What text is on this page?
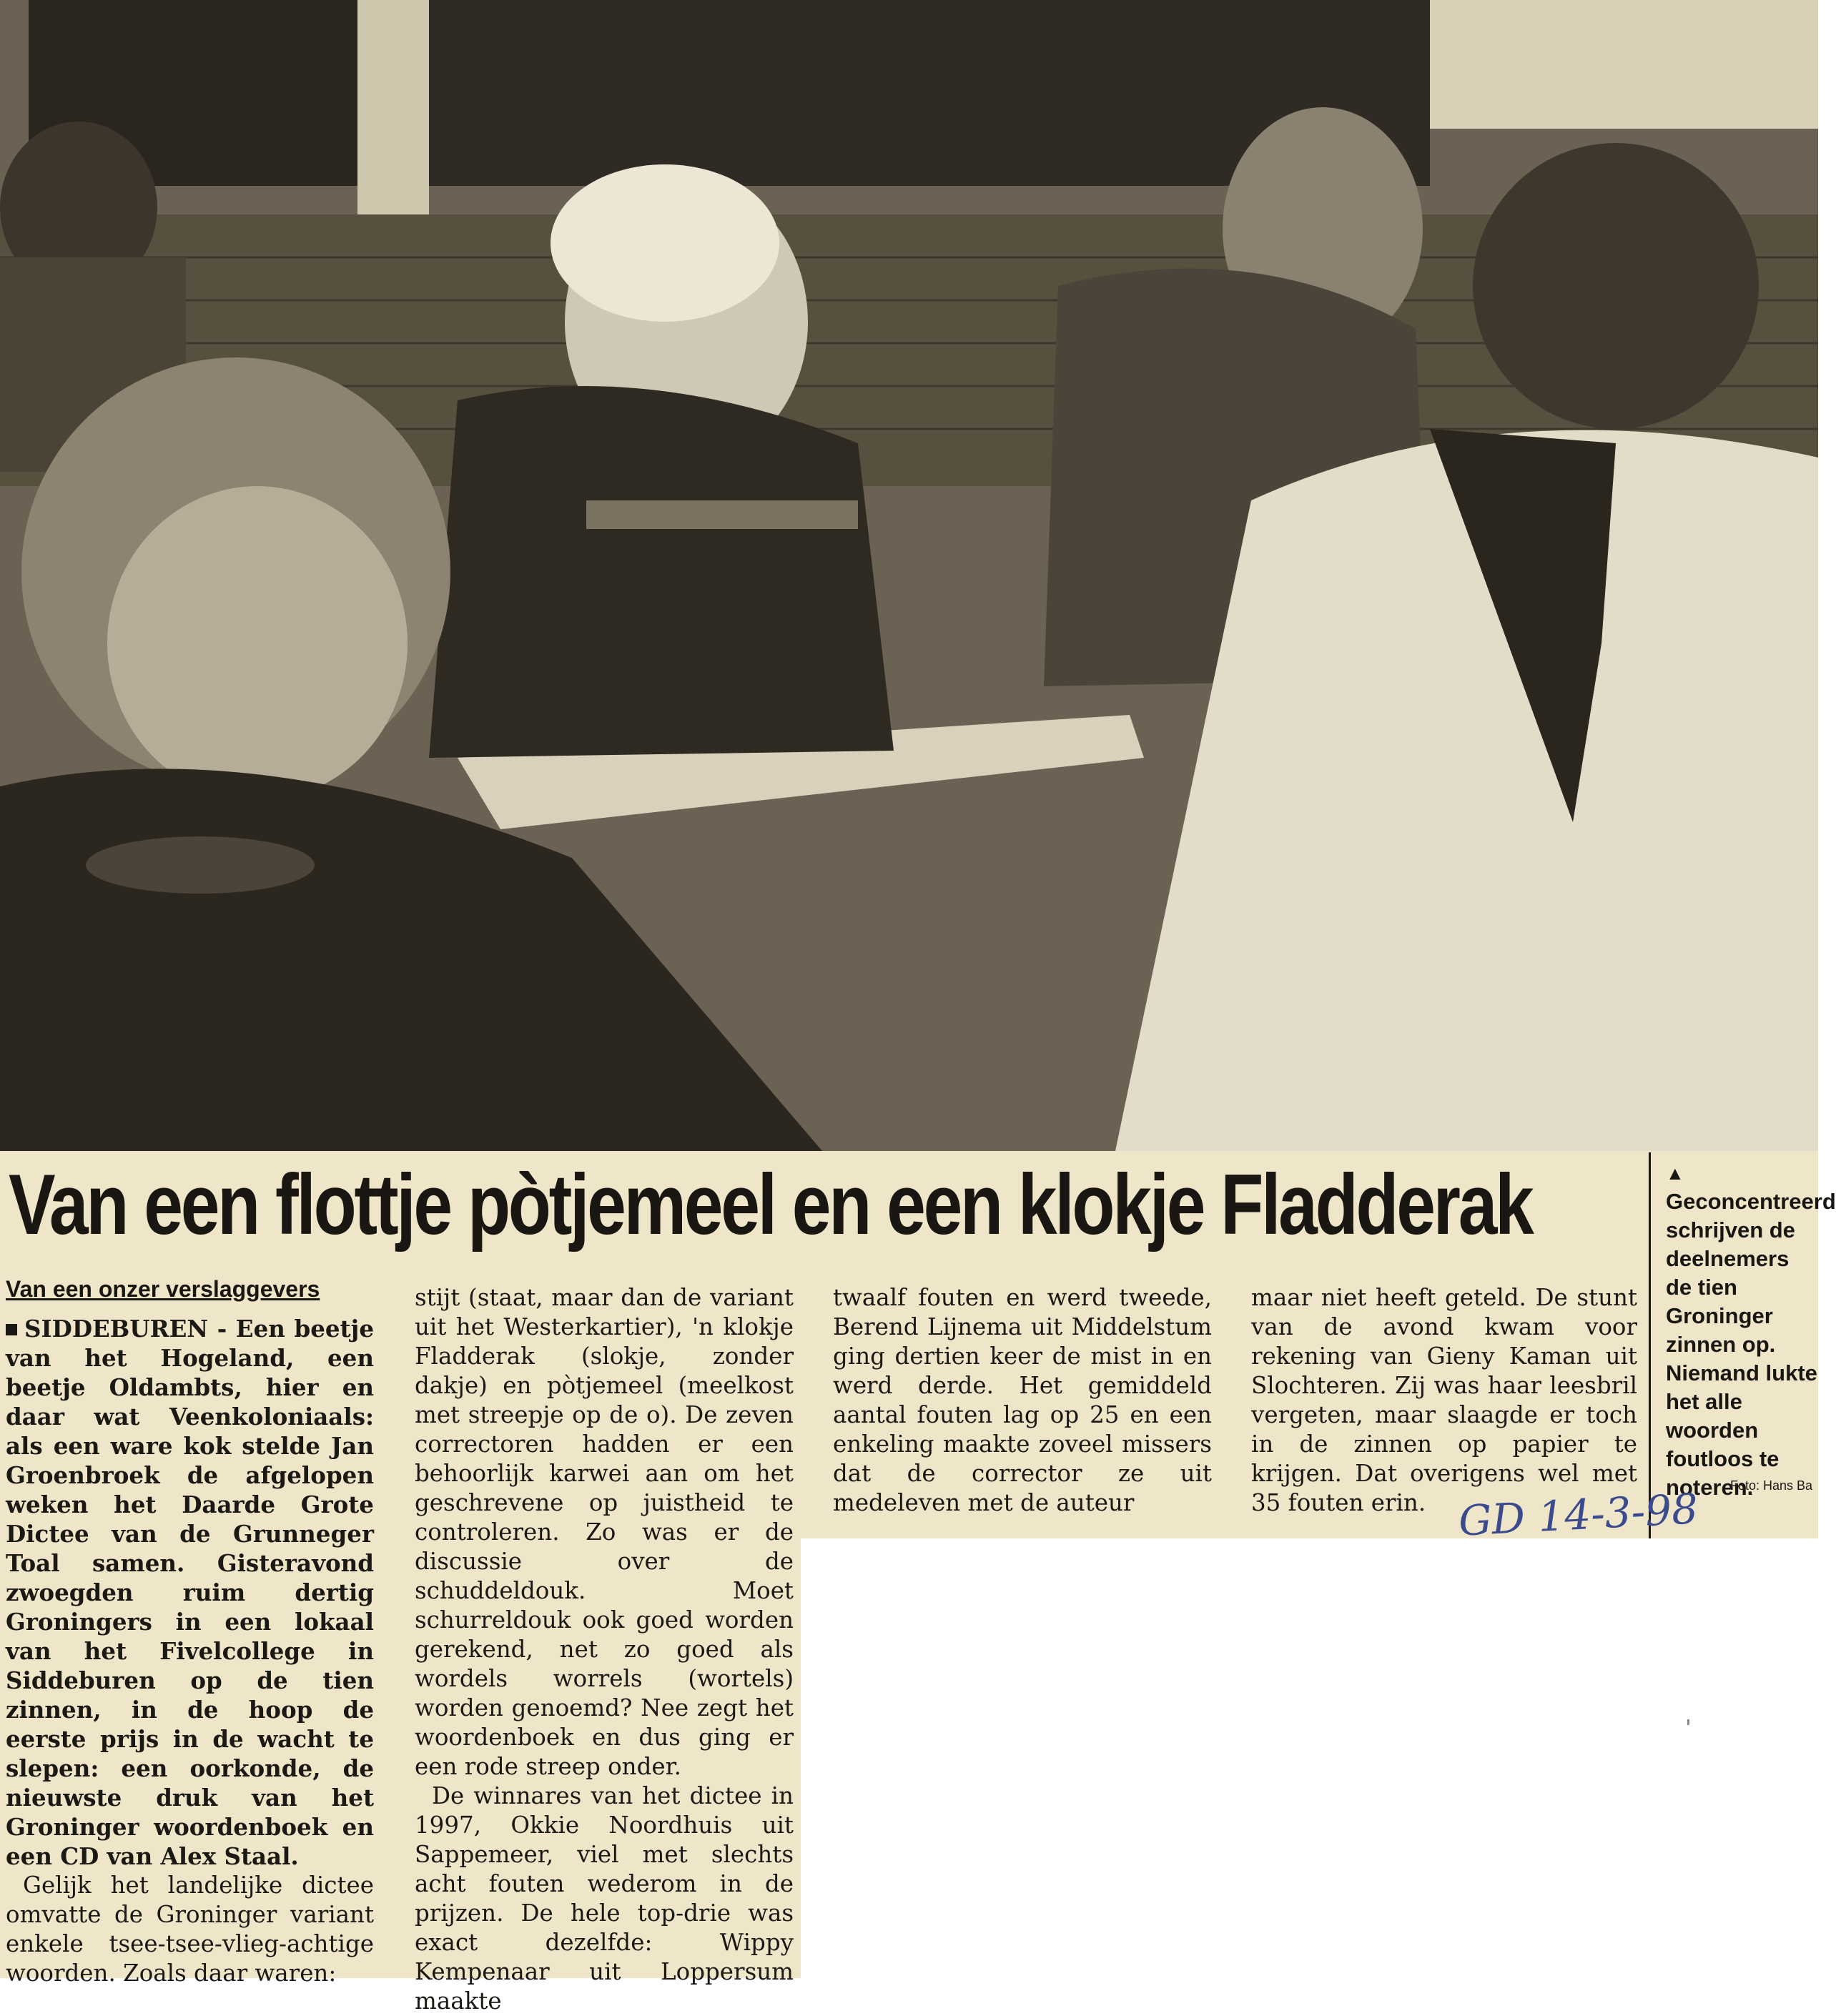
Van een flottje pòtjemeel en een klokje Fladderak
Van een onzer verslaggevers

SIDDEBUREN - Een beetje van het Hogeland, een beetje Oldambts, hier en daar wat Veenkoloniaals: als een ware kok stelde Jan Groenbroek de afgelopen weken het Daarde Grote Dictee van de Grunneger Toal samen. Gisteravond zwoegden ruim dertig Groningers in een lokaal van het Fivelcollege in Siddeburen op de tien zinnen, in de hoop de eerste prijs in de wacht te slepen: een oorkonde, de nieuwste druk van het Groninger woordenboek en een CD van Alex Staal.

Gelijk het landelijke dictee omvatte de Groninger variant enkele tsee-tsee-vlieg-achtige woorden. Zoals daar waren:

stijt (staat, maar dan de variant uit het Westerkartier), 'n klokje Fladderak (slokje, zonder dakje) en pòtjemeel (meelkost met streepje op de o). De zeven correctoren hadden er een behoorlijk karwei aan om het geschrevene op juistheid te controleren. Zo was er de discussie over de schuddeldouk. Moet schurreldouk ook goed worden gerekend, net zo goed als wordels worrels (wortels) worden genoemd? Nee zegt het woordenboek en dus ging er een rode streep onder.

De winnares van het dictee in 1997, Okkie Noordhuis uit Sappemeer, viel met slechts acht fouten wederom in de prijzen. De hele top-drie was exact dezelfde: Wippy Kempenaar uit Loppersum maakte

twaalf fouten en werd tweede, Berend Lijnema uit Middelstum ging dertien keer de mist in en werd derde. Het gemiddeld aantal fouten lag op 25 en een enkeling maakte zoveel missers dat de corrector ze uit medeleven met de auteur

maar niet heeft geteld. De stunt van de avond kwam voor rekening van Gieny Kaman uit Slochteren. Zij was haar leesbril vergeten, maar slaagde er toch in de zinnen op papier te krijgen. Dat overigens wel met 35 fouten erin.

▲ Geconcentreerd schrijven de deelnemers de tien Groninger zinnen op. Niemand lukte het alle woorden foutloos te noteren.
Foto: Hans Ba
GD 14-3-98
